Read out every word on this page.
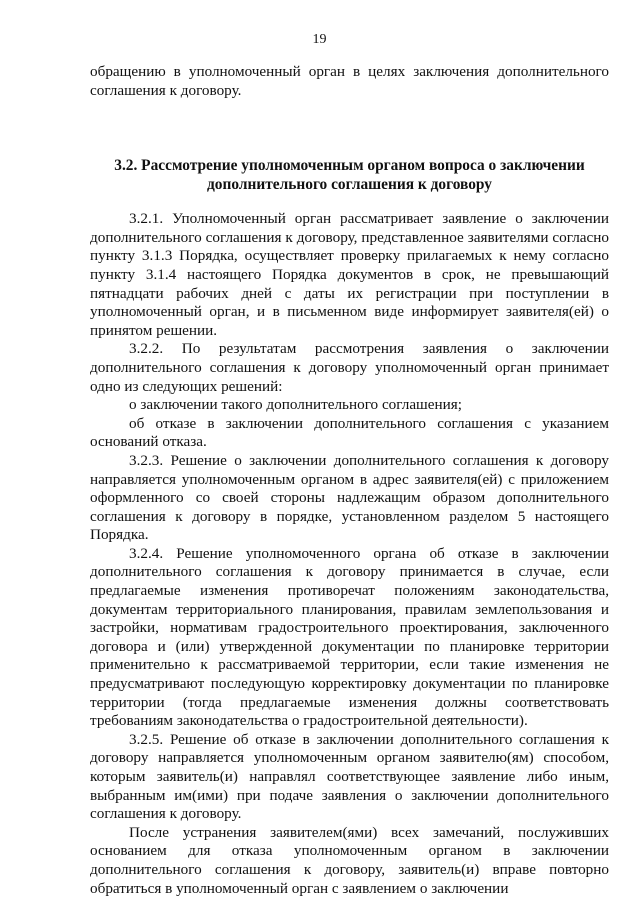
19

обращению в уполномоченный орган в целях заключения дополнительного соглашения к договору.

3.2. Рассмотрение уполномоченным органом вопроса о заключении
дополнительного соглашения к договору

3.2.1. Уполномоченный орган рассматривает заявление о заключении дополнительного соглашения к договору, представленное заявителями согласно пункту 3.1.3 Порядка, осуществляет проверку прилагаемых к нему согласно пункту 3.1.4 настоящего Порядка документов в срок, не превышающий пятнадцати рабочих дней с даты их регистрации при поступлении в уполномоченный орган, и в письменном виде информирует заявителя(ей) о принятом решении.

3.2.2. По результатам рассмотрения заявления о заключении дополнительного соглашения к договору уполномоченный орган принимает одно из следующих решений:

о заключении такого дополнительного соглашения;

об отказе в заключении дополнительного соглашения с указанием оснований отказа.

3.2.3. Решение о заключении дополнительного соглашения к договору направляется уполномоченным органом в адрес заявителя(ей) с приложением оформленного со своей стороны надлежащим образом дополнительного соглашения к договору в порядке, установленном разделом 5 настоящего Порядка.

3.2.4. Решение уполномоченного органа об отказе в заключении дополнительного соглашения к договору принимается в случае, если предлагаемые изменения противоречат положениям законодательства, документам территориального планирования, правилам землепользования и застройки, нормативам градостроительного проектирования, заключенного договора и (или) утвержденной документации по планировке территории применительно к рассматриваемой территории, если такие изменения не предусматривают последующую корректировку документации по планировке территории (тогда предлагаемые изменения должны соответствовать требованиям законодательства о градостроительной деятельности).

3.2.5. Решение об отказе в заключении дополнительного соглашения к договору направляется уполномоченным органом заявителю(ям) способом, которым заявитель(и) направлял соответствующее заявление либо иным, выбранным им(ими) при подаче заявления о заключении дополнительного соглашения к договору.

После устранения заявителем(ями) всех замечаний, послуживших основанием для отказа уполномоченным органом в заключении дополнительного соглашения к договору, заявитель(и) вправе повторно обратиться в уполномоченный орган с заявлением о заключении
